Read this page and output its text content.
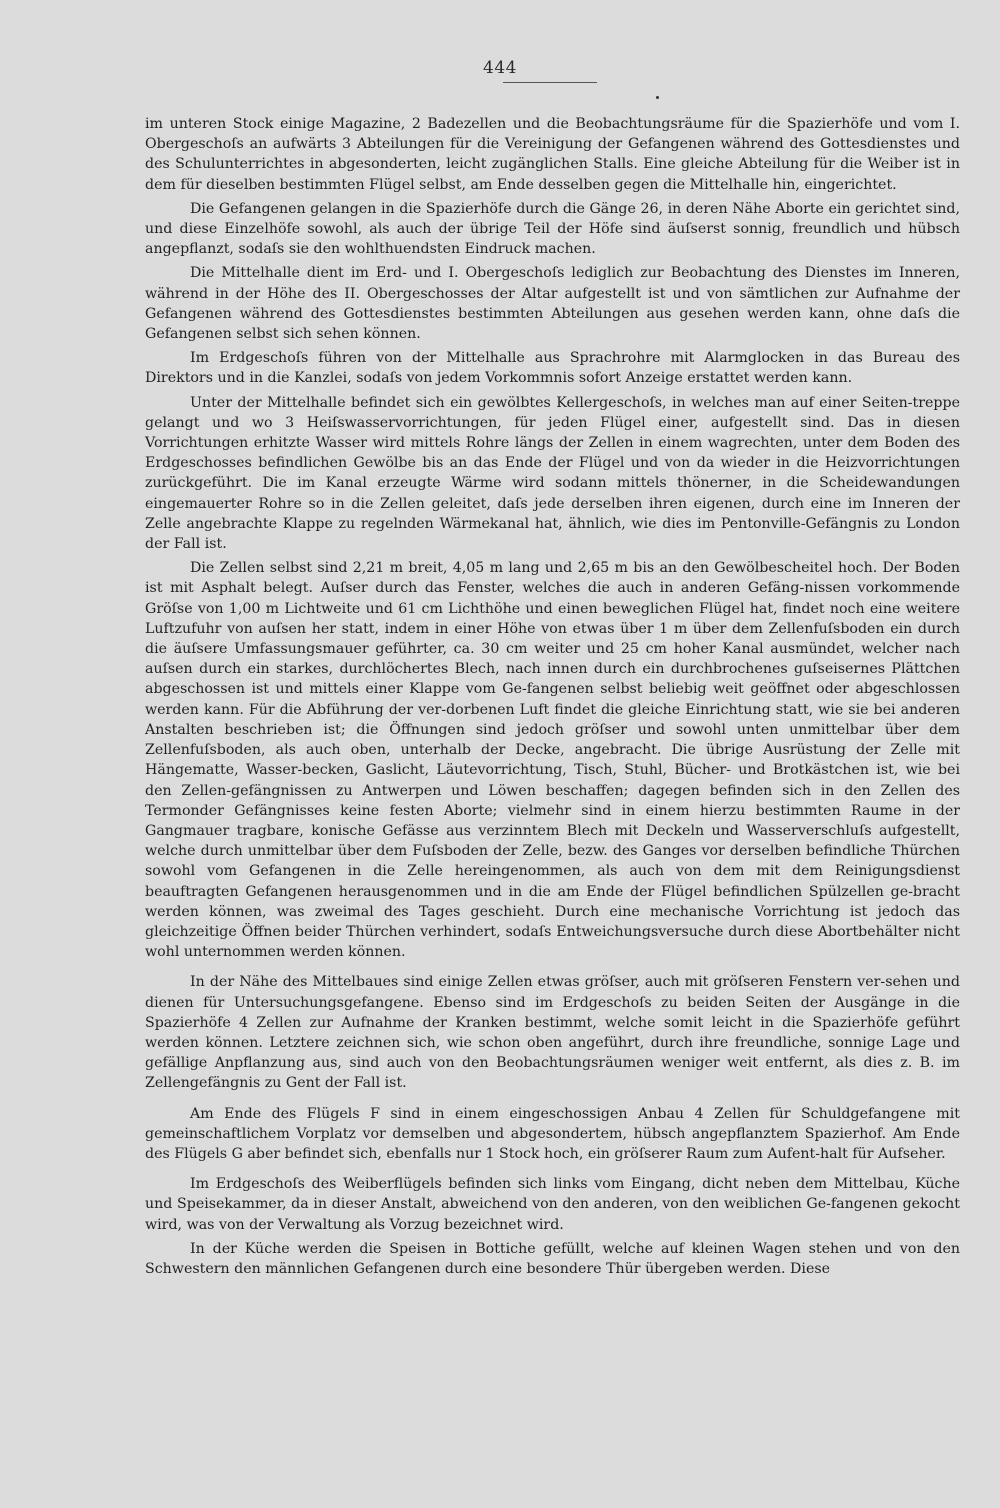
444

im unteren Stock einige Magazine, 2 Badezellen und die Beobachtungsräume für die Spazierhöfe und vom I. Obergeschoſs an aufwärts 3 Abteilungen für die Vereinigung der Gefangenen während des Gottesdienstes und des Schulunterrichtes in abgesonderten, leicht zugänglichen Stalls. Eine gleiche Abteilung für die Weiber ist in dem für dieselben bestimmten Flügel selbst, am Ende desselben gegen die Mittelhalle hin, eingerichtet.

Die Gefangenen gelangen in die Spazierhöfe durch die Gänge 26, in deren Nähe Aborte ein gerichtet sind, und diese Einzelhöfe sowohl, als auch der übrige Teil der Höfe sind äuſserst sonnig, freundlich und hübsch angepflanzt, sodaſs sie den wohlthuendsten Eindruck machen.

Die Mittelhalle dient im Erd- und I. Obergeschoſs lediglich zur Beobachtung des Dienstes im Inneren, während in der Höhe des II. Obergeschosses der Altar aufgestellt ist und von sämtlichen zur Aufnahme der Gefangenen während des Gottesdienstes bestimmten Abteilungen aus gesehen werden kann, ohne daſs die Gefangenen selbst sich sehen können.

Im Erdgeschoſs führen von der Mittelhalle aus Sprachrohre mit Alarmglocken in das Bureau des Direktors und in die Kanzlei, sodaſs von jedem Vorkommnis sofort Anzeige erstattet werden kann.

Unter der Mittelhalle befindet sich ein gewölbtes Kellergeschoſs, in welches man auf einer Seiten-treppe gelangt und wo 3 Heiſswasservorrichtungen, für jeden Flügel einer, aufgestellt sind. Das in diesen Vorrichtungen erhitzte Wasser wird mittels Rohre längs der Zellen in einem wagrechten, unter dem Boden des Erdgeschosses befindlichen Gewölbe bis an das Ende der Flügel und von da wieder in die Heizvorrichtungen zurückgeführt. Die im Kanal erzeugte Wärme wird sodann mittels thönerner, in die Scheidewandungen eingemauerter Rohre so in die Zellen geleitet, daſs jede derselben ihren eigenen, durch eine im Inneren der Zelle angebrachte Klappe zu regelnden Wärmekanal hat, ähnlich, wie dies im Pentonville-Gefängnis zu London der Fall ist.

Die Zellen selbst sind 2,21 m breit, 4,05 m lang und 2,65 m bis an den Gewölbescheitel hoch. Der Boden ist mit Asphalt belegt. Auſser durch das Fenster, welches die auch in anderen Gefäng-nissen vorkommende Gröſse von 1,00 m Lichtweite und 61 cm Lichthöhe und einen beweglichen Flügel hat, findet noch eine weitere Luftzufuhr von auſsen her statt, indem in einer Höhe von etwas über 1 m über dem Zellenfuſsboden ein durch die äuſsere Umfassungsmauer geführter, ca. 30 cm weiter und 25 cm hoher Kanal ausmündet, welcher nach auſsen durch ein starkes, durchlöchertes Blech, nach innen durch ein durchbrochenes guſseisernes Plättchen abgeschossen ist und mittels einer Klappe vom Ge-fangenen selbst beliebig weit geöffnet oder abgeschlossen werden kann. Für die Abführung der ver-dorbenen Luft findet die gleiche Einrichtung statt, wie sie bei anderen Anstalten beschrieben ist; die Öffnungen sind jedoch gröſser und sowohl unten unmittelbar über dem Zellenfuſsboden, als auch oben, unterhalb der Decke, angebracht. Die übrige Ausrüstung der Zelle mit Hängematte, Wasser-becken, Gaslicht, Läutevorrichtung, Tisch, Stuhl, Bücher- und Brotkästchen ist, wie bei den Zellen-gefängnissen zu Antwerpen und Löwen beschaffen; dagegen befinden sich in den Zellen des Termonder Gefängnisses keine festen Aborte; vielmehr sind in einem hierzu bestimmten Raume in der Gangmauer tragbare, konische Gefässe aus verzinntem Blech mit Deckeln und Wasserverschluſs aufgestellt, welche durch unmittelbar über dem Fuſsboden der Zelle, bezw. des Ganges vor derselben befindliche Thürchen sowohl vom Gefangenen in die Zelle hereingenommen, als auch von dem mit dem Reinigungsdienst beauftragten Gefangenen herausgenommen und in die am Ende der Flügel befindlichen Spülzellen ge-bracht werden können, was zweimal des Tages geschieht. Durch eine mechanische Vorrichtung ist jedoch das gleichzeitige Öffnen beider Thürchen verhindert, sodaſs Entweichungsversuche durch diese Abortbehälter nicht wohl unternommen werden können.

In der Nähe des Mittelbaues sind einige Zellen etwas gröſser, auch mit gröſseren Fenstern ver-sehen und dienen für Untersuchungsgefangene. Ebenso sind im Erdgeschoſs zu beiden Seiten der Ausgänge in die Spazierhöfe 4 Zellen zur Aufnahme der Kranken bestimmt, welche somit leicht in die Spazierhöfe geführt werden können. Letztere zeichnen sich, wie schon oben angeführt, durch ihre freundliche, sonnige Lage und gefällige Anpflanzung aus, sind auch von den Beobachtungsräumen weniger weit entfernt, als dies z. B. im Zellengefängnis zu Gent der Fall ist.

Am Ende des Flügels F sind in einem eingeschossigen Anbau 4 Zellen für Schuldgefangene mit gemeinschaftlichem Vorplatz vor demselben und abgesondertem, hübsch angepflanztem Spazierhof. Am Ende des Flügels G aber befindet sich, ebenfalls nur 1 Stock hoch, ein gröſserer Raum zum Aufent-halt für Aufseher.

Im Erdgeschoſs des Weiberflügels befinden sich links vom Eingang, dicht neben dem Mittelbau, Küche und Speisekammer, da in dieser Anstalt, abweichend von den anderen, von den weiblichen Ge-fangenen gekocht wird, was von der Verwaltung als Vorzug bezeichnet wird.

In der Küche werden die Speisen in Bottiche gefüllt, welche auf kleinen Wagen stehen und von den Schwestern den männlichen Gefangenen durch eine besondere Thür übergeben werden. Diese
